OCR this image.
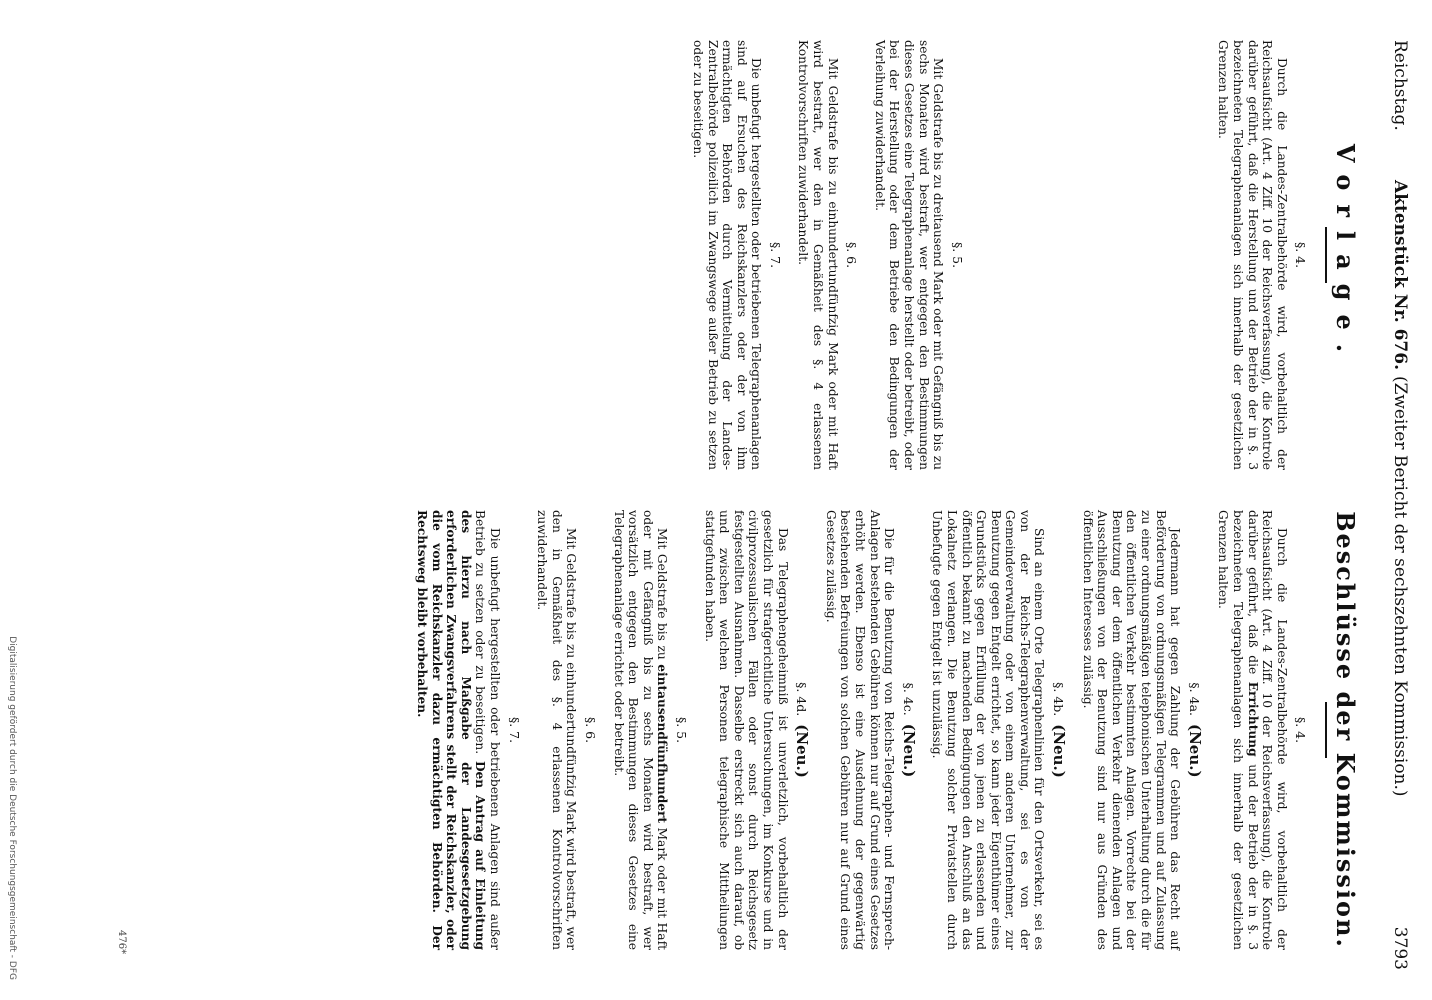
Reichstag.
Aktenstück Nr. 676. (Zweiter Bericht der sechszehnten Kommission.)
3793
Vorlage.
§. 4.

Durch die Landes-Zentralbehörde wird, vorbehaltlich der Reichsaufsicht (Art. 4 Ziff. 10 der Reichsverfassung), die Kontrole darüber geführt, daß die Herstellung und der Betrieb der in §. 3 bezeichneten Telegraphenanlagen sich innerhalb der gesetzlichen Grenzen halten.

§. 5.

Mit Geldstrafe bis zu dreitausend Mark oder mit Gefängniß bis zu sechs Monaten wird bestraft, wer entgegen den Bestimmungen dieses Gesetzes eine Telegraphenanlage herstellt oder betreibt, oder bei der Herstellung oder dem Betriebe den Bedingungen der Verleihung zuwiderhandelt.

§. 6.

Mit Geldstrafe bis zu einhundertundfünfzig Mark oder mit Haft wird bestraft, wer den in Gemäßheit des §. 4 erlassenen Kontrolvorschriften zuwiderhandelt.

§. 7.

Die unbefugt hergestellten oder betriebenen Telegraphenanlagen sind auf Ersuchen des Reichskanzlers oder der von ihm ermächtigten Behörden durch Vermittelung der Landes-Zentralbehörde polizeilich im Zwangswege außer Betrieb zu setzen oder zu beseitigen.

Beschlüsse der Kommission.
§. 4.

Durch die Landes-Zentralbehörde wird, vorbehaltlich der Reichsaufsicht (Art. 4 Ziff. 10 der Reichsverfassung), die Kontrole darüber geführt, daß die Errichtung und der Betrieb der in §. 3 bezeichneten Telegraphenanlagen sich innerhalb der gesetzlichen Grenzen halten.

§. 4a.(Neu.)

Jedermann hat gegen Zahlung der Gebühren das Recht auf Beförderung von ordnungsmäßigen Telegrammen und auf Zulassung zu einer ordnungsmäßigen telephonischen Unterhaltung durch die für den öffentlichen Verkehr bestimmten Anlagen. Vorrechte bei der Benutzung der dem öffentlichen Verkehr dienenden Anlagen und Ausschließungen von der Benutzung sind nur aus Gründen des öffentlichen Interesses zulässig.

§. 4b.(Neu.)

Sind an einem Orte Telegraphenlinien für den Ortsverkehr, sei es von der Reichs-Telegraphenverwaltung, sei es von der Gemeindeverwaltung oder von einem anderen Unternehmer, zur Benutzung gegen Entgelt errichtet, so kann jeder Eigenthümer eines Grundstücks gegen Erfüllung der von jenen zu erlassenden und öffentlich bekannt zu machenden Bedingungen den Anschluß an das Lokalnetz verlangen. Die Benutzung solcher Privatstellen durch Unbefugte gegen Entgelt ist unzulässig.

§. 4c.(Neu.)

Die für die Benutzung von Reichs-Telegraphen- und Fernsprech-Anlagen bestehenden Gebühren können nur auf Grund eines Gesetzes erhöht werden. Ebenso ist eine Ausdehnung der gegenwärtig bestehenden Befreiungen von solchen Gebühren nur auf Grund eines Gesetzes zulässig.

§. 4d.(Neu.)

Das Telegraphengeheimniß ist unverletzlich, vorbehaltlich der gesetzlich für strafgerichtliche Untersuchungen, im Konkurse und in civilprozessualischen Fällen oder sonst durch Reichsgesetz festgestellten Ausnahmen. Dasselbe erstreckt sich auch darauf, ob und zwischen welchen Personen telegraphische Mittheilungen stattgefunden haben.

§. 5.

Mit Geldstrafe bis zu eintausendfünfhundert Mark oder mit Haft oder mit Gefängniß bis zu sechs Monaten wird bestraft, wer vorsätzlich entgegen den Bestimmungen dieses Gesetzes eine Telegraphenanlage errichtet oder betreibt.

§. 6.

Mit Geldstrafe bis zu einhundertundfünfzig Mark wird bestraft, wer den in Gemäßheit des §. 4 erlassenen Kontrolvorschriften zuwiderhandelt.

§. 7.

Die unbefugt hergestellten oder betriebenen Anlagen sind außer Betrieb zu setzen oder zu beseitigen. Den Antrag auf Einleitung des hierzu nach Maßgabe der Landesgesetzgebung erforderlichen Zwangsverfahrens stellt der Reichskanzler, oder die vom Reichskanzler dazu ermächtigten Behörden. Der Rechtsweg bleibt vorbehalten.

476*
Digitalisierung gefördert durch die Deutsche Forschungsgemeinschaft - DFG
